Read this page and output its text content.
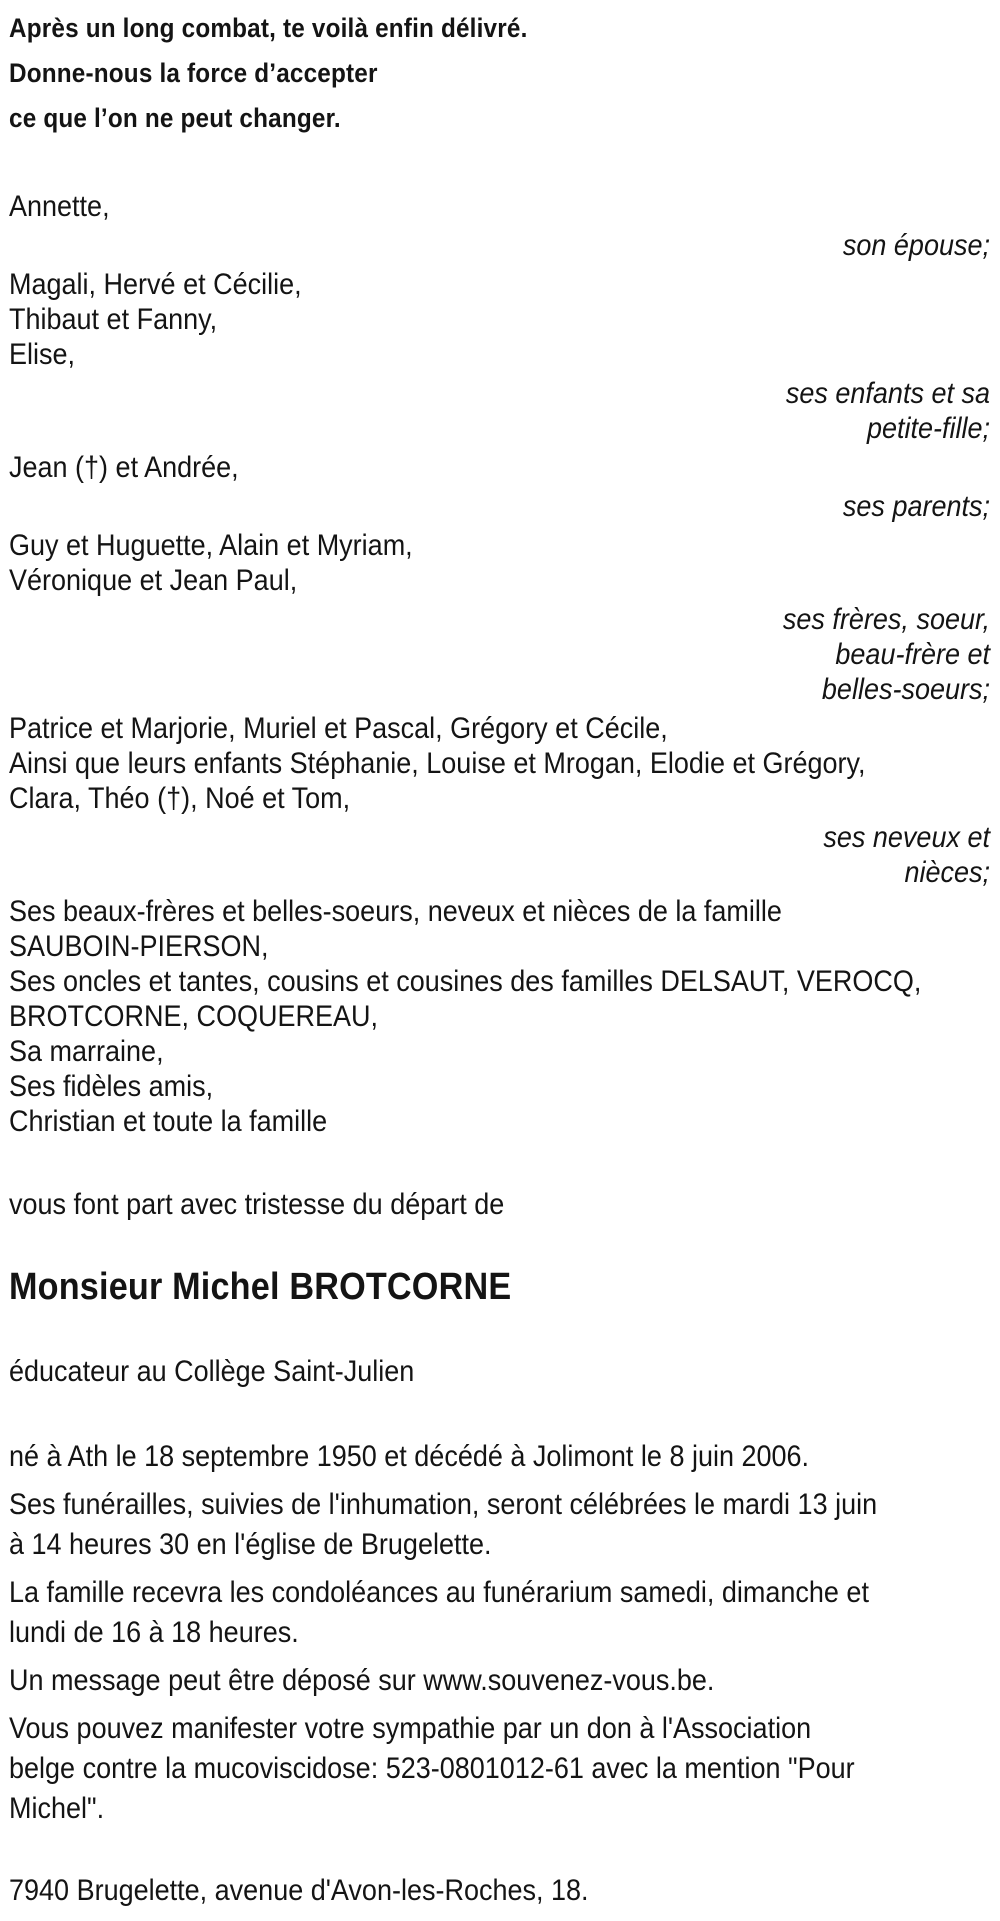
Après un long combat, te voilà enfin délivré.

Donne-nous la force d’accepter

ce que l’on ne peut changer.

Annette,

son épouse;

Magali, Hervé et Cécilie,

Thibaut et Fanny,

Elise,

ses enfants et sa

petite-fille;

Jean (†) et Andrée,

ses parents;

Guy et Huguette, Alain et Myriam,

Véronique et Jean Paul,

ses frères, soeur,

beau-frère et

belles-soeurs;

Patrice et Marjorie, Muriel et Pascal, Grégory et Cécile,

Ainsi que leurs enfants Stéphanie, Louise et Mrogan, Elodie et Grégory,

Clara, Théo (†), Noé et Tom,

ses neveux et

nièces;

Ses beaux-frères et belles-soeurs, neveux et nièces de la famille

SAUBOIN-PIERSON,

Ses oncles et tantes, cousins et cousines des familles DELSAUT, VEROCQ,

BROTCORNE, COQUEREAU,

Sa marraine,

Ses fidèles amis,

Christian et toute la famille

vous font part avec tristesse du départ de

Monsieur Michel BROTCORNE

éducateur au Collège Saint-Julien

né à Ath le 18 septembre 1950 et décédé à Jolimont le 8 juin 2006.

Ses funérailles, suivies de l'inhumation, seront célébrées le mardi 13 juin

à 14 heures 30 en l'église de Brugelette.

La famille recevra les condoléances au funérarium samedi, dimanche et

lundi de 16 à 18 heures.

Un message peut être déposé sur www.souvenez-vous.be.

Vous pouvez manifester votre sympathie par un don à l'Association

belge contre la mucoviscidose: 523-0801012-61 avec la mention "Pour

Michel".

7940 Brugelette, avenue d'Avon-les-Roches, 18.
